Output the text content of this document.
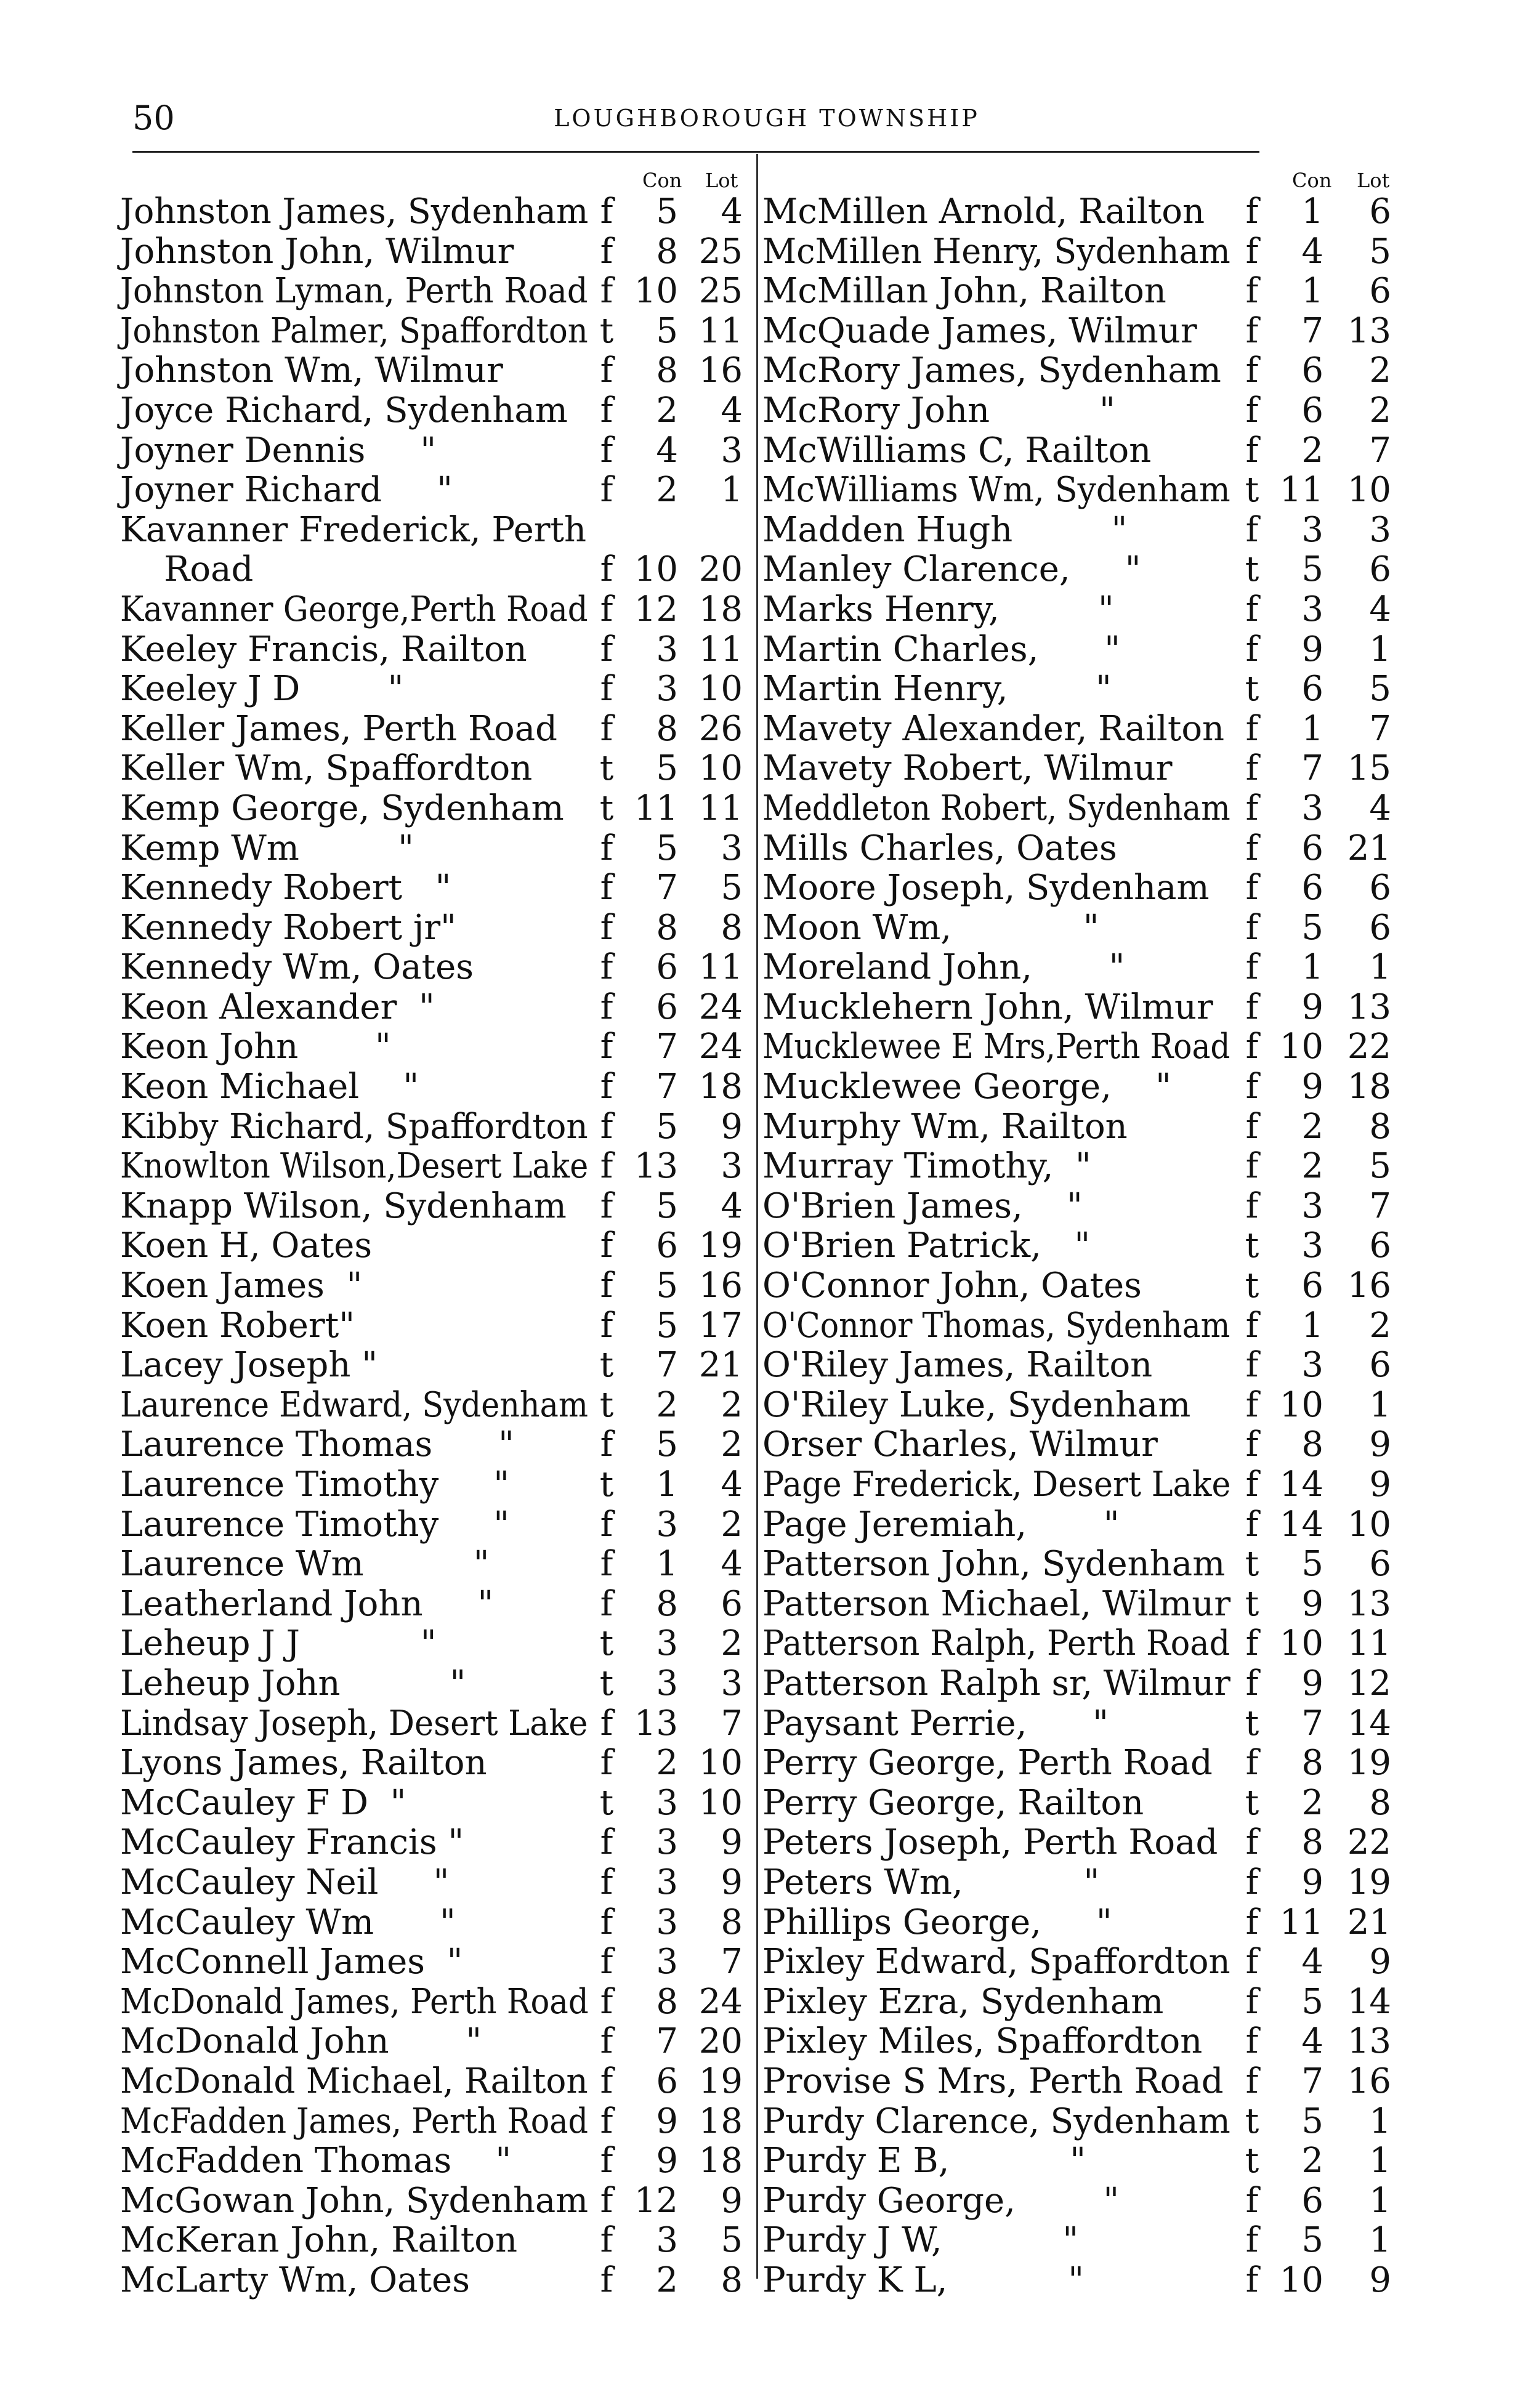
50	LOUGHBOROUGH TOWNSHIP
Con Lot
Johnston James, Sydenham f	5	4
Johnston John, Wilmur	f	8 25
Johnston Lyman, Perth Road f 10 25
Johnston Palmer, Spaffordton t	5 11
Johnston Wm, Wilmur	f	8 16
Joyce Richard, Sydenham f	2	4
Joyner Dennis     "	f	4	3
Joyner Richard     "	f	2	1
Kavanner Frederick, Perth
Road	f 10 20
Kavanner George,Perth Road f 12 18
Keeley Francis, Railton f	3 11
Keeley J D        "	f	3 10
Keller James, Perth Road f	8 26
Keller Wm, Spaffordton t	5 10
Kemp George, Sydenham t 11 11
Kemp Wm         "	f	5	3
Kennedy Robert   "	f	7	5
Kennedy Robert jr"	f	8	8
Kennedy Wm, Oates	f	6 11
Keon Alexander  "	f	6 24
Keon John       "	f	7 24
Keon Michael    "	f	7 18
Kibby Richard, Spaffordton f	5	9
Knowlton Wilson,Desert Lake f 13	3
Knapp Wilson, Sydenham f	5	4
Koen H, Oates	f	6 19
Koen James  "	f	5 16
Koen Robert"	f	5 17
Lacey Joseph "	t	7 21
Laurence Edward, Sydenham t	2	2
Laurence Thomas      " f	5	2
Laurence Timothy     "	t	1	4
Laurence Timothy     "	f	3	2
Laurence Wm          "	f	1	4
Leatherland John     "	f	8	6
Leheup J J           "	t	3	2
Leheup John          "	t	3	3
Lindsay Joseph, Desert Lake f 13	7
Lyons James, Railton	f	2 10
McCauley F D  "	t	3 10
McCauley Francis "	f	3	9
McCauley Neil     "	f	3	9
McCauley Wm      "	f	3	8
McConnell James  "	f	3	7
McDonald James, Perth Road f	8 24
McDonald John       "	f	7 20
McDonald Michael, Railton f	6 19
McFadden James, Perth Road f	9 18
McFadden Thomas    "	f	9 18
McGowan John, Sydenham f 12	9
McKeran John, Railton f	3	5
McLarty Wm, Oates	f	2	8
Con Lot
McMillen Arnold, Railton f	1	6
McMillen Henry, Sydenham f	4	5
McMillan John, Railton f	1	6
McQuade James, Wilmur f	7 13
McRory James, Sydenham f	6	2
McRory John          "	f	6	2
McWilliams C, Railton	f	2	7
McWilliams Wm, Sydenham t 11 10
Madden Hugh         "	f	3	3
Manley Clarence,     "	t	5	6
Marks Henry,         "	f	3	4
Martin Charles,      "	f	9	1
Martin Henry,        "	t	6	5
Mavety Alexander, Railton f	1	7
Mavety Robert, Wilmur f	7 15
Meddleton Robert, Sydenham f	3	4
Mills Charles, Oates	f	6 21
Moore Joseph, Sydenham f	6	6
Moon Wm,            "	f	5	6
Moreland John,       "	f	1	1
Mucklehern John, Wilmur f	9 13
Mucklewee E Mrs,Perth Road f 10 22
Mucklewee George,    " f	9 18
Murphy Wm, Railton	f	2	8
Murray Timothy,  "	f	2	5
O'Brien James,    "	f	3	7
O'Brien Patrick,   "	t	3	6
O'Connor John, Oates	t	6 16
O'Connor Thomas, Sydenham f	1	2
O'Riley James, Railton	f	3	6
O'Riley Luke, Sydenham f 10	1
Orser Charles, Wilmur	f	8	9
Page Frederick, Desert Lake f 14	9
Page Jeremiah,       "	f 14 10
Patterson John, Sydenham t	5	6
Patterson Michael, Wilmur t	9 13
Patterson Ralph, Perth Road f 10 11
Patterson Ralph sr, Wilmur f	9 12
Paysant Perrie,      "	t	7 14
Perry George, Perth Road f	8 19
Perry George, Railton	t	2	8
Peters Joseph, Perth Road f	8 22
Peters Wm,           "	f	9 19
Phillips George,     "	f 11 21
Pixley Edward, Spaffordton f	4	9
Pixley Ezra, Sydenham f	5 14
Pixley Miles, Spaffordton f	4 13
Provise S Mrs, Perth Road f	7 16
Purdy Clarence, Sydenham t	5	1
Purdy E B,           "	t	2	1
Purdy George,        "	f	6	1
Purdy J W,           "	f	5	1
Purdy K L,           "	f 10	9
